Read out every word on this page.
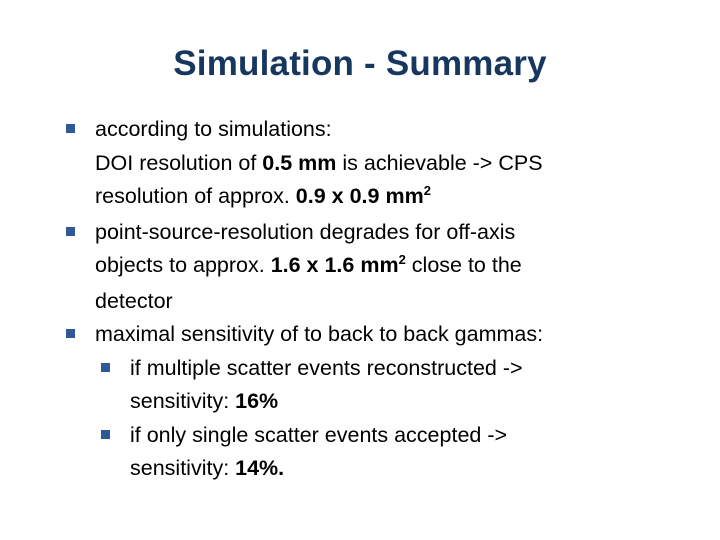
Simulation - Summary
according to simulations:
DOI resolution of 0.5 mm is achievable -> CPS
resolution of approx. 0.9 x 0.9 $mm^2$
point-source-resolution degrades for off-axis
objects to approx. 1.6 x 1.6 $mm^2$ close to the
detector
maximal sensitivity of to back to back gammas:
if multiple scatter events reconstructed ->
sensitivity: 16%
if only single scatter events accepted ->
sensitivity: 14%.
